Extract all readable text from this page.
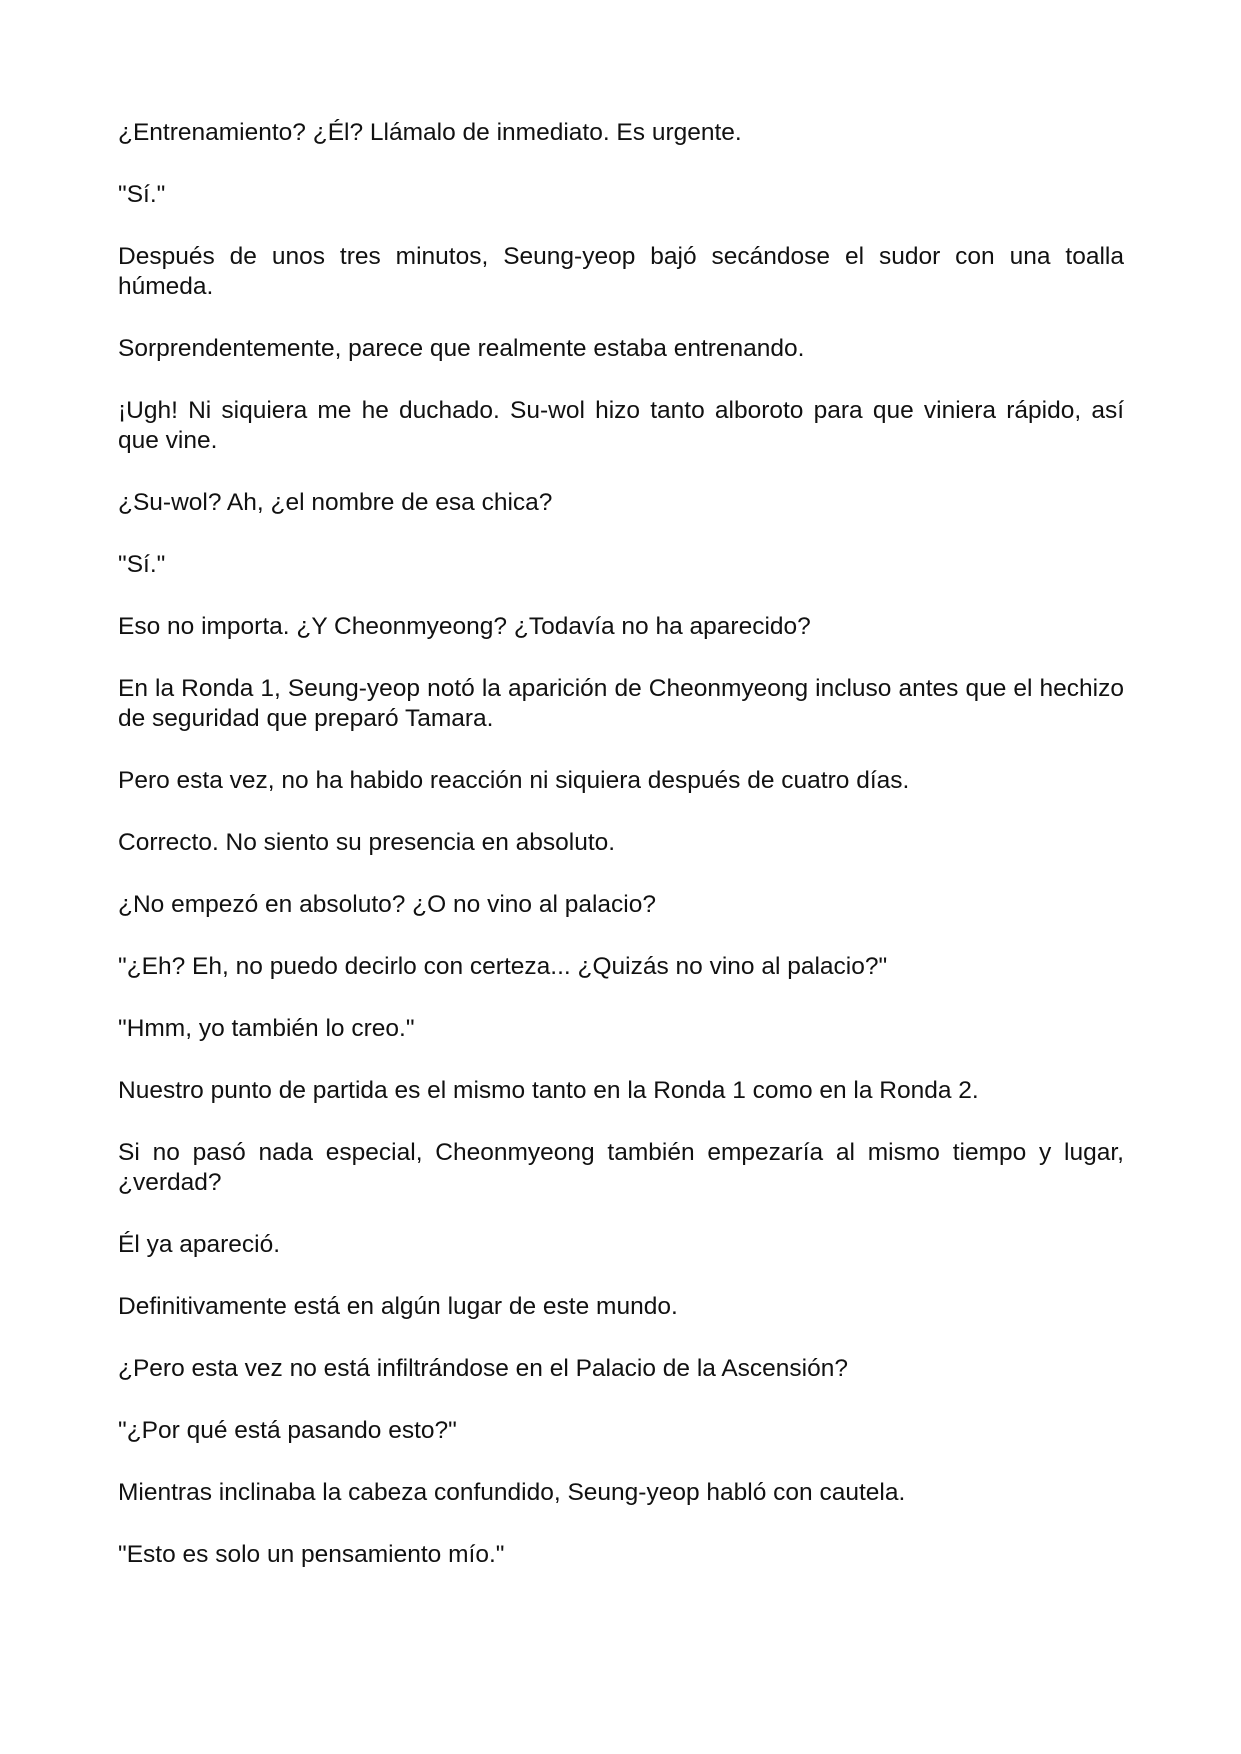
¿Entrenamiento? ¿Él? Llámalo de inmediato. Es urgente.

"Sí."

Después de unos tres minutos, Seung-yeop bajó secándose el sudor con una toalla húmeda.

Sorprendentemente, parece que realmente estaba entrenando.

¡Ugh! Ni siquiera me he duchado. Su-wol hizo tanto alboroto para que viniera rápido, así que vine.

¿Su-wol? Ah, ¿el nombre de esa chica?

"Sí."

Eso no importa. ¿Y Cheonmyeong? ¿Todavía no ha aparecido?

En la Ronda 1, Seung-yeop notó la aparición de Cheonmyeong incluso antes que el hechizo de seguridad que preparó Tamara.

Pero esta vez, no ha habido reacción ni siquiera después de cuatro días.

Correcto. No siento su presencia en absoluto.

¿No empezó en absoluto? ¿O no vino al palacio?

"¿Eh? Eh, no puedo decirlo con certeza... ¿Quizás no vino al palacio?"

"Hmm, yo también lo creo."

Nuestro punto de partida es el mismo tanto en la Ronda 1 como en la Ronda 2.

Si no pasó nada especial, Cheonmyeong también empezaría al mismo tiempo y lugar, ¿verdad?

Él ya apareció.

Definitivamente está en algún lugar de este mundo.

¿Pero esta vez no está infiltrándose en el Palacio de la Ascensión?

"¿Por qué está pasando esto?"

Mientras inclinaba la cabeza confundido, Seung-yeop habló con cautela.

"Esto es solo un pensamiento mío."
